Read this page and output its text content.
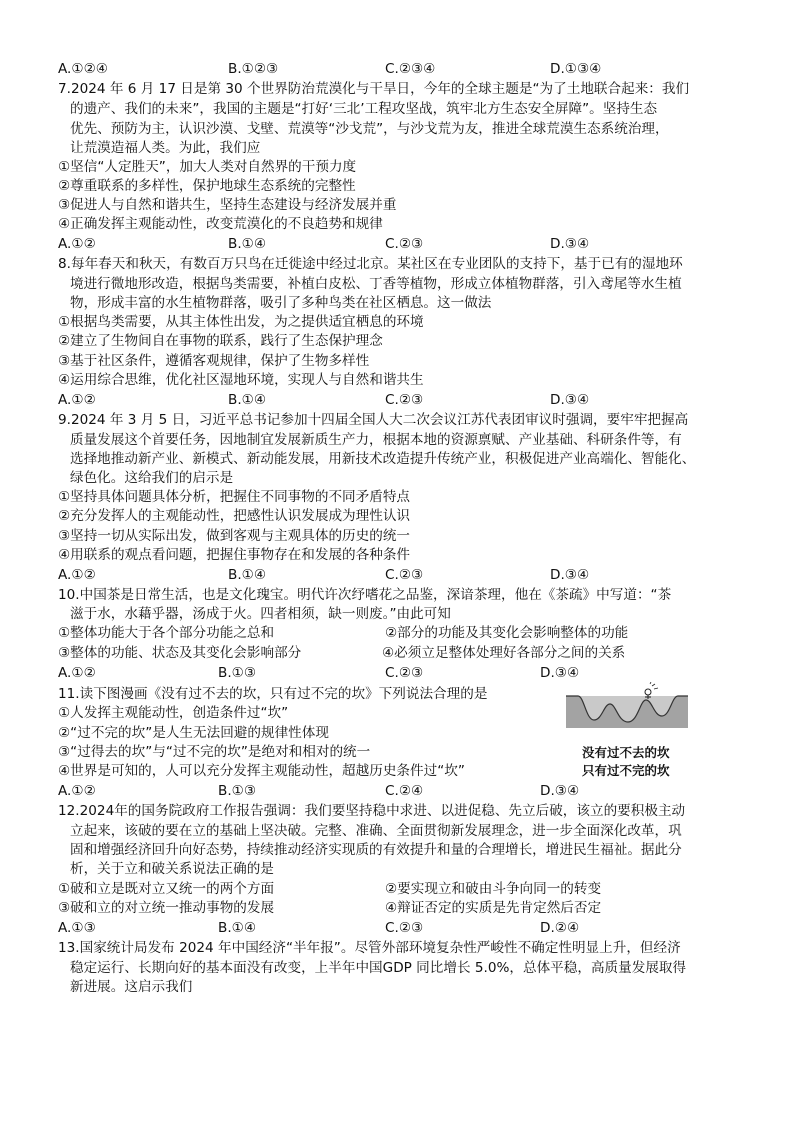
A.①②④	B.①②③	C.②③④	D.①③④
7.2024 年 6 月 17 日是第 30 个世界防治荒漠化与干旱日，今年的全球主题是“为了土地联合起来：我们
的遗产、我们的未来”，我国的主题是“打好‘三北’工程攻坚战，筑牢北方生态安全屏障”。坚持生态
优先、预防为主，认识沙漠、戈壁、荒漠等“沙戈荒”，与沙戈荒为友，推进全球荒漠生态系统治理，
让荒漠造福人类。为此，我们应
①坚信“人定胜天”，加大人类对自然界的干预力度
②尊重联系的多样性，保护地球生态系统的完整性
③促进人与自然和谐共生，坚持生态建设与经济发展并重
④正确发挥主观能动性，改变荒漠化的不良趋势和规律
A.①②	B.①④	C.②③	D.③④
8.每年春天和秋天，有数百万只鸟在迁徙途中经过北京。某社区在专业团队的支持下，基于已有的湿地环
境进行微地形改造，根据鸟类需要，补植白皮松、丁香等植物，形成立体植物群落，引入鸢尾等水生植
物，形成丰富的水生植物群落，吸引了多种鸟类在社区栖息。这一做法
①根据鸟类需要，从其主体性出发，为之提供适宜栖息的环境
②建立了生物间自在事物的联系，践行了生态保护理念
③基于社区条件，遵循客观规律，保护了生物多样性
④运用综合思维，优化社区湿地环境，实现人与自然和谐共生
A.①②	B.①④	C.②③	D.③④
9.2024 年 3 月 5 日，习近平总书记参加十四届全国人大二次会议江苏代表团审议时强调，要牢牢把握高
质量发展这个首要任务，因地制宜发展新质生产力，根据本地的资源禀赋、产业基础、科研条件等，有
选择地推动新产业、新模式、新动能发展，用新技术改造提升传统产业，积极促进产业高端化、智能化、
绿色化。这给我们的启示是
①坚持具体问题具体分析，把握住不同事物的不同矛盾特点
②充分发挥人的主观能动性，把感性认识发展成为理性认识
③坚持一切从实际出发，做到客观与主观具体的历史的统一
④用联系的观点看问题，把握住事物存在和发展的各种条件
A.①②	B.①④	C.②③	D.③④
10.中国茶是日常生活，也是文化瑰宝。明代许次纾嗜花之品鉴，深谙茶理，他在《茶疏》中写道：“茶
滋于水，水藉乎器，汤成于火。四者相须，缺一则废。”由此可知
①整体功能大于各个部分功能之总和	②部分的功能及其变化会影响整体的功能
③整体的功能、状态及其变化会影响部分	④必须立足整体处理好各部分之间的关系
A.①②	B.①③	C.②③	D.③④
11.读下图漫画《没有过不去的坎，只有过不完的坎》下列说法合理的是
①人发挥主观能动性，创造条件过“坎”
②“过不完的坎”是人生无法回避的规律性体现
③“过得去的坎”与“过不完的坎”是绝对和相对的统一
④世界是可知的，人可以充分发挥主观能动性，超越历史条件过“坎”
A.①②	B.①③	C.②④	D.③④
没有过不去的坎
只有过不完的坎
12.2024年的国务院政府工作报告强调：我们要坚持稳中求进、以进促稳、先立后破，该立的要积极主动
立起来，该破的要在立的基础上坚决破。完整、准确、全面贯彻新发展理念，进一步全面深化改革，巩
固和增强经济回升向好态势，持续推动经济实现质的有效提升和量的合理增长，增进民生福祉。据此分
析，关于立和破关系说法正确的是
①破和立是既对立又统一的两个方面	②要实现立和破由斗争向同一的转变
③破和立的对立统一推动事物的发展	④辩证否定的实质是先肯定然后否定
A.①③	B.①④	C.②③	D.②④
13.国家统计局发布 2024 年中国经济“半年报”。尽管外部环境复杂性严峻性不确定性明显上升，但经济
稳定运行、长期向好的基本面没有改变，上半年中国GDP 同比增长 5.0%，总体平稳，高质量发展取得
新进展。这启示我们
